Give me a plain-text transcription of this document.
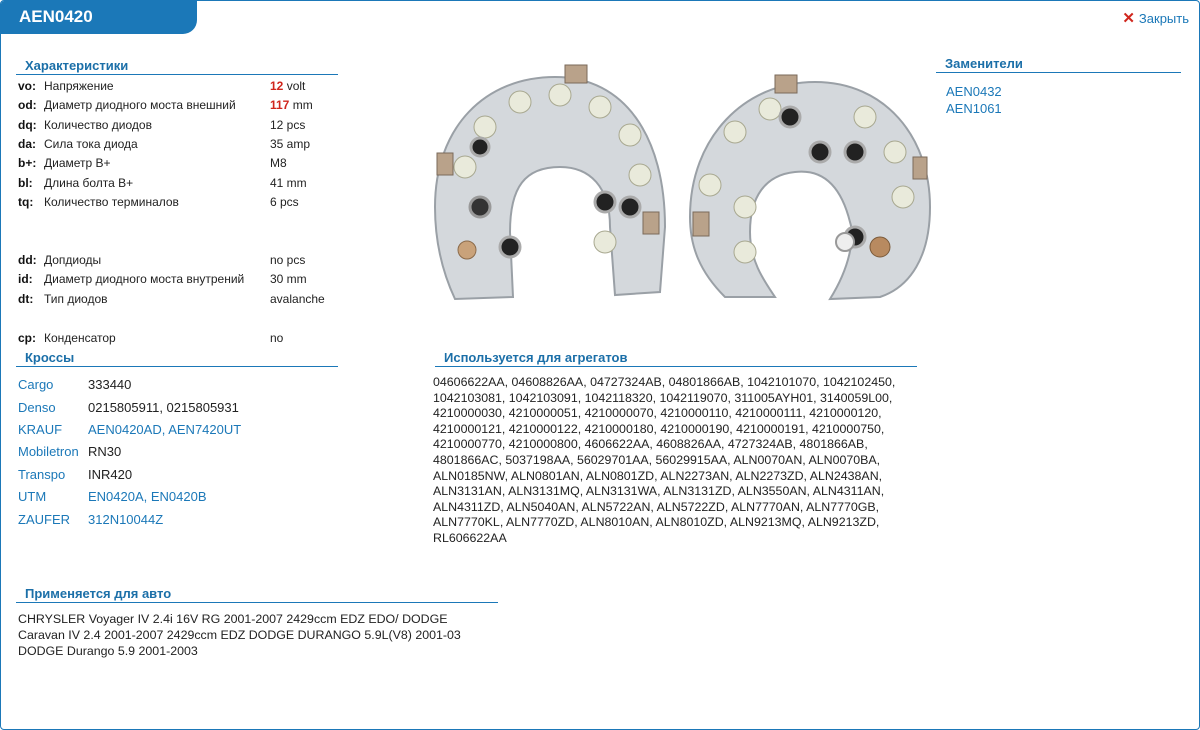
AEN0420	✕ Закрыть
Характеристики
vo: Напряжение	12 volt
od: Диаметр диодного моста внешний	117 mm
dq: Количество диодов	12 pcs
da: Сила тока диода	35 amp
b+: Диаметр B+	M8
bl: Длина болта B+	41 mm
tq: Количество терминалов	6 pcs
dd: Допдиоды	no pcs
id: Диаметр диодного моста внутрений	30 mm
dt: Тип диодов	avalanche
cp: Конденсатор	no
Заменители
AEN0432
AEN1061
Кроссы
Cargo	333440
Denso	0215805911, 0215805931
KRAUF	AEN0420AD, AEN7420UT
Mobiletron RN30
Transpo	INR420
UTM	EN0420A, EN0420B
ZAUFER	312N10044Z
Используется для агрегатов
04606622AA, 04608826AA, 04727324AB, 04801866AB, 1042101070, 1042102450, 1042103081, 1042103091, 1042118320, 1042119070, 311005AYH01, 3140059L00, 4210000030, 4210000051, 4210000070, 4210000110, 4210000111, 4210000120, 4210000121, 4210000122, 4210000180, 4210000190, 4210000191, 4210000750, 4210000770, 4210000800, 4606622AA, 4608826AA, 4727324AB, 4801866AB, 4801866AC, 5037198AA, 56029701AA, 56029915AA, ALN0070AN, ALN0070BA, ALN0185NW, ALN0801AN, ALN0801ZD, ALN2273AN, ALN2273ZD, ALN2438AN, ALN3131AN, ALN3131MQ, ALN3131WA, ALN3131ZD, ALN3550AN, ALN4311AN, ALN4311ZD, ALN5040AN, ALN5722AN, ALN5722ZD, ALN7770AN, ALN7770GB, ALN7770KL, ALN7770ZD, ALN8010AN, ALN8010ZD, ALN9213MQ, ALN9213ZD, RL606622AA
Применяется для авто
CHRYSLER Voyager IV 2.4i 16V RG 2001-2007 2429ccm EDZ EDO/ DODGE Caravan IV 2.4 2001-2007 2429ccm EDZ DODGE DURANGO 5.9L(V8) 2001-03 DODGE Durango 5.9 2001-2003
